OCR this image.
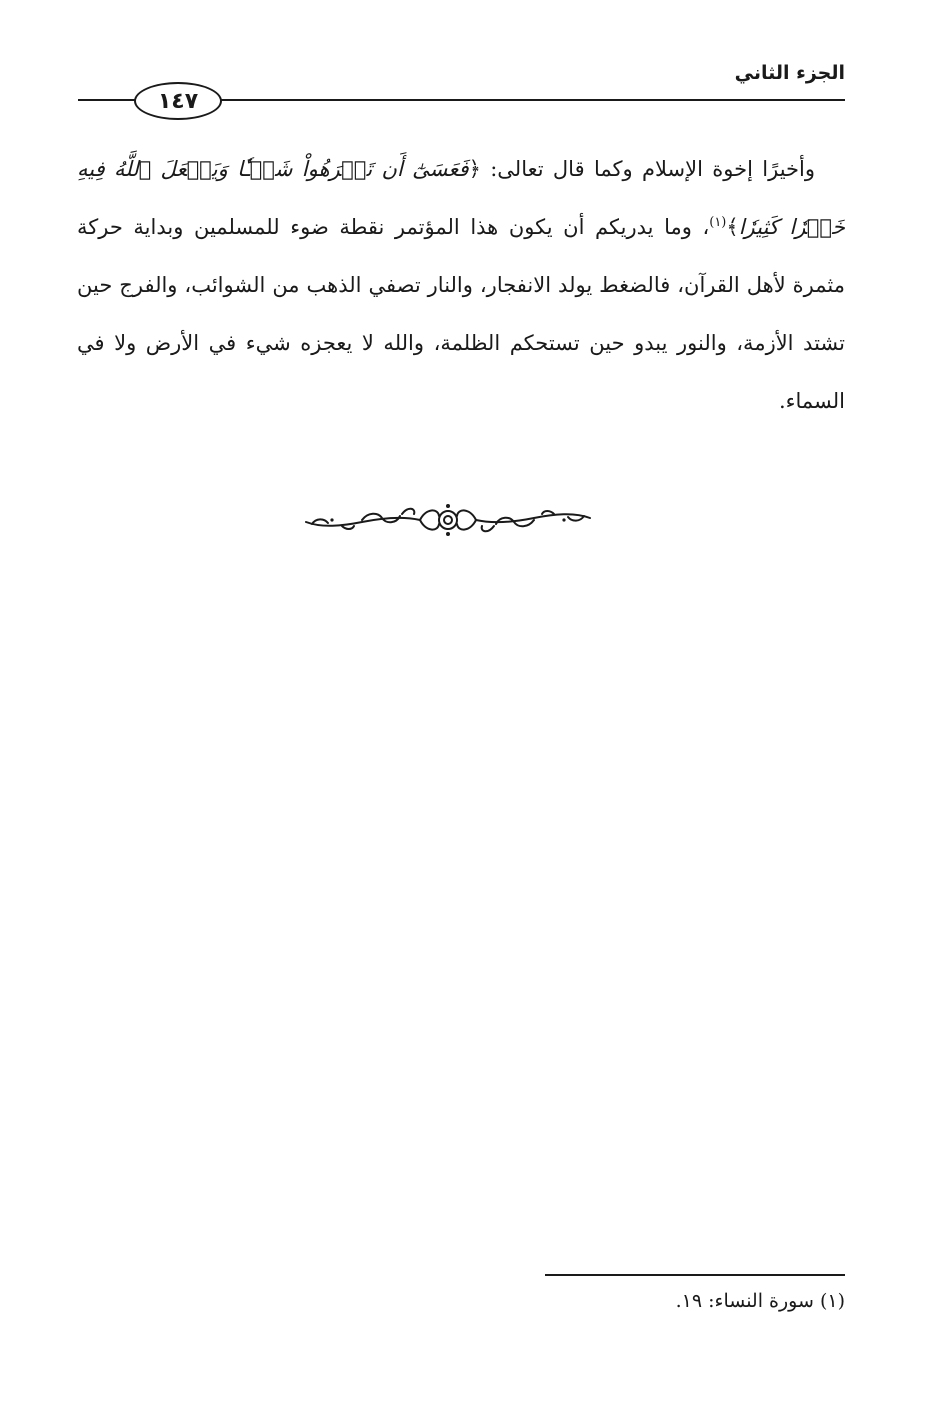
الجزء الثاني
١٤٧
وأخيرًا إخوة الإسلام وكما قال تعالى: ﴿فَعَسَىٰٓ أَن تَكۡرَهُواْ شَيۡـٔٗا وَيَجۡعَلَ ٱللَّهُ فِيهِ خَيۡرٗا كَثِيرٗا﴾$^{(١)}$، وما يدريكم أن يكون هذا المؤتمر نقطة ضوء للمسلمين وبداية حركة مثمرة لأهل القرآن، فالضغط يولد الانفجار، والنار تصفي الذهب من الشوائب، والفرج حين تشتد الأزمة، والنور يبدو حين تستحكم الظلمة، والله لا يعجزه شيء في الأرض ولا في السماء.
(١) سورة النساء: ١٩.
